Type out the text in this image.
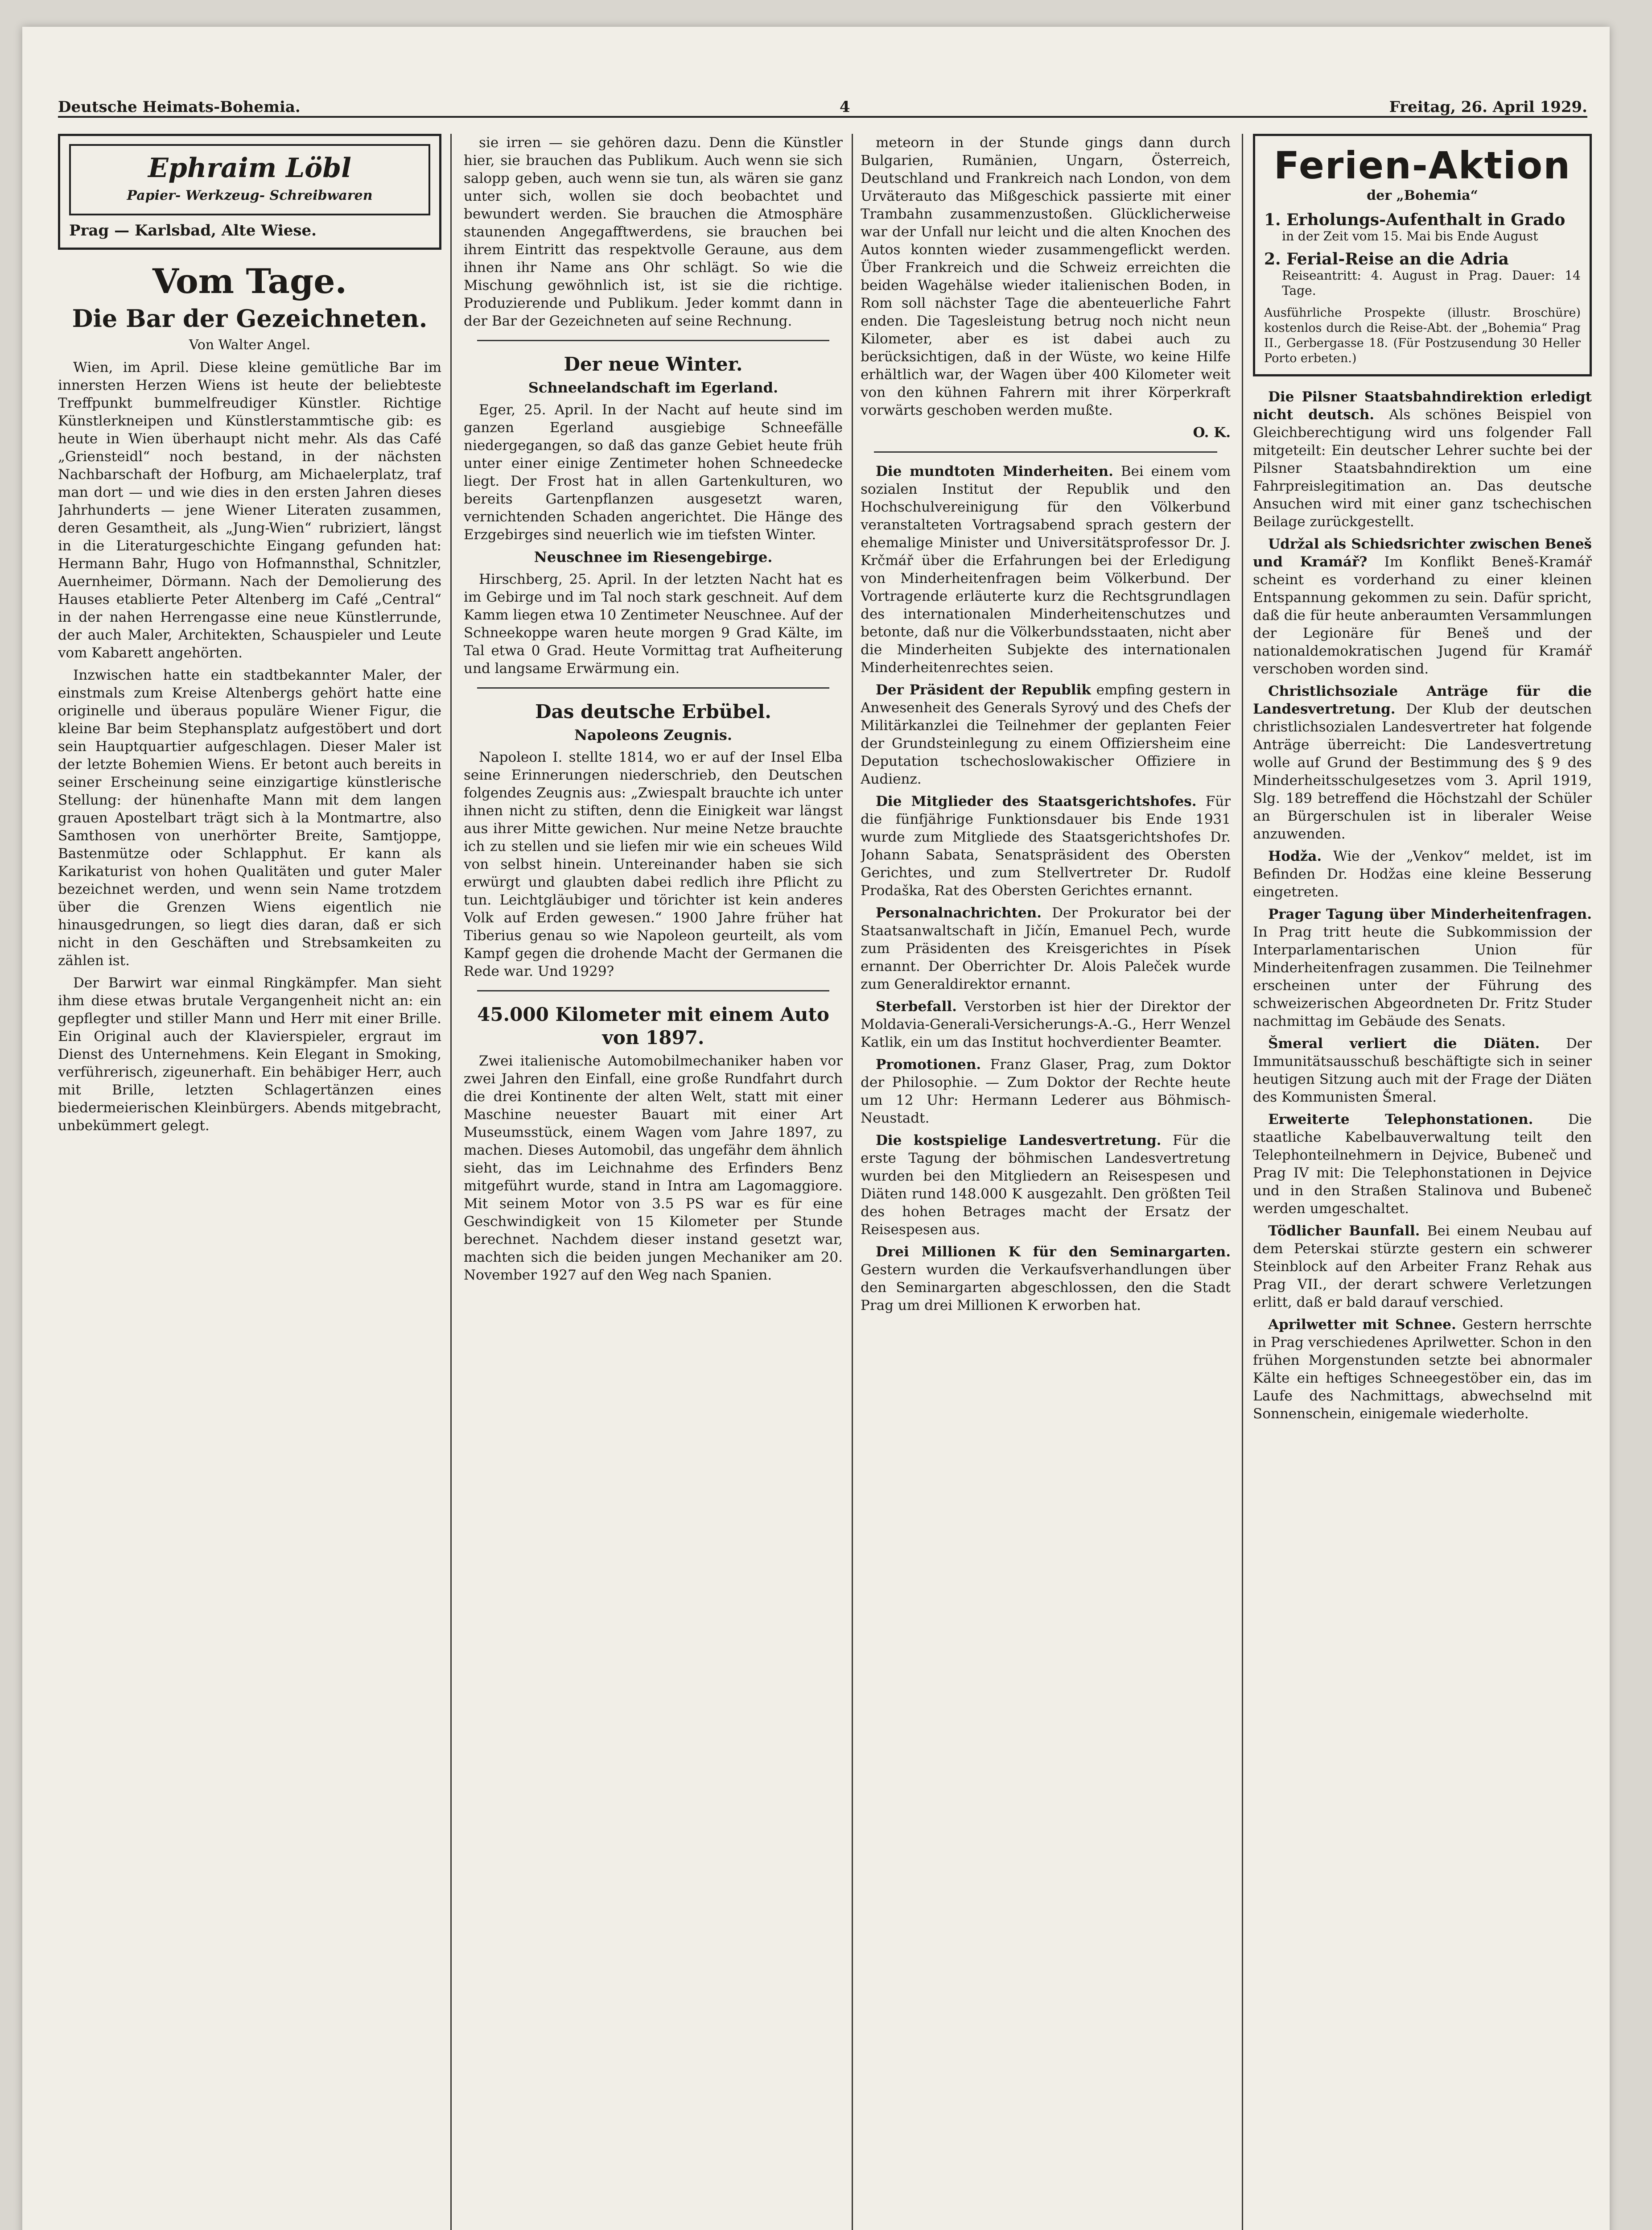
Deutsche Heimats-Bohemia.	4	Freitag, 26. April 1929.
Ephraim Löbl
Papier- Werkzeug- Schreibwaren
Prag — Karlsbad, Alte Wiese.
Vom Tage.
Die Bar der Gezeichneten.
Von Walter Angel.

Wien, im April. Diese kleine gemütliche Bar im innersten Herzen Wiens ist heute der beliebteste Treffpunkt bummelfreudiger Künstler. Richtige Künstlerkneipen und Künstlerstammtische gib: es heute in Wien überhaupt nicht mehr. Als das Café „Griensteidl“ noch bestand, in der nächsten Nachbarschaft der Hofburg, am Michaelerplatz, traf man dort — und wie dies in den ersten Jahren dieses Jahrhunderts — jene Wiener Literaten zusammen, deren Gesamtheit, als „Jung-Wien“ rubriziert, längst in die Literaturgeschichte Eingang gefunden hat: Hermann Bahr, Hugo von Hofmannsthal, Schnitzler, Auernheimer, Dörmann. Nach der Demolierung des Hauses etablierte Peter Altenberg im Café „Central“ in der nahen Herrengasse eine neue Künstlerrunde, der auch Maler, Architekten, Schauspieler und Leute vom Kabarett angehörten.

Inzwischen hatte ein stadtbekannter Maler, der einstmals zum Kreise Altenbergs gehört hatte eine originelle und überaus populäre Wiener Figur, die kleine Bar beim Stephansplatz aufgestöbert und dort sein Hauptquartier aufgeschlagen. Dieser Maler ist der letzte Bohemien Wiens. Er betont auch bereits in seiner Erscheinung seine einzigartige künstlerische Stellung: der hünenhafte Mann mit dem langen grauen Apostelbart trägt sich à la Montmartre, also Samthosen von unerhörter Breite, Samtjoppe, Bastenmütze oder Schlapphut. Er kann als Karikaturist von hohen Qualitäten und guter Maler bezeichnet werden, und wenn sein Name trotzdem über die Grenzen Wiens eigentlich nie hinausgedrungen, so liegt dies daran, daß er sich nicht in den Geschäften und Strebsamkeiten zu zählen ist.

Der Barwirt war einmal Ringkämpfer. Man sieht ihm diese etwas brutale Vergangenheit nicht an: ein gepflegter und stiller Mann und Herr mit einer Brille. Ein Original auch der Klavierspieler, ergraut im Dienst des Unternehmens. Kein Elegant in Smoking, verführerisch, zigeunerhaft. Ein behäbiger Herr, auch mit Brille, letzten Schlagertänzen eines biedermeierischen Kleinbürgers. Abends mitgebracht, unbekümmert gelegt.

sie irren — sie gehören dazu. Denn die Künstler hier, sie brauchen das Publikum. Auch wenn sie sich salopp geben, auch wenn sie tun, als wären sie ganz unter sich, wollen sie doch beobachtet und bewundert werden. Sie brauchen die Atmosphäre staunenden Angegafftwerdens, sie brauchen bei ihrem Eintritt das respektvolle Geraune, aus dem ihnen ihr Name ans Ohr schlägt. So wie die Mischung gewöhnlich ist, ist sie die richtige. Produzierende und Publikum. Jeder kommt dann in der Bar der Gezeichneten auf seine Rechnung.

Der neue Winter.
Schneelandschaft im Egerland.

Eger, 25. April. In der Nacht auf heute sind im ganzen Egerland ausgiebige Schneefälle niedergegangen, so daß das ganze Gebiet heute früh unter einer einige Zentimeter hohen Schneedecke liegt. Der Frost hat in allen Gartenkulturen, wo bereits Gartenpflanzen ausgesetzt waren, vernichtenden Schaden angerichtet. Die Hänge des Erzgebirges sind neuerlich wie im tiefsten Winter.

Neuschnee im Riesengebirge.

Hirschberg, 25. April. In der letzten Nacht hat es im Gebirge und im Tal noch stark geschneit. Auf dem Kamm liegen etwa 10 Zentimeter Neuschnee. Auf der Schneekoppe waren heute morgen 9 Grad Kälte, im Tal etwa 0 Grad. Heute Vormittag trat Aufheiterung und langsame Erwärmung ein.

Das deutsche Erbübel.
Napoleons Zeugnis.

Napoleon I. stellte 1814, wo er auf der Insel Elba seine Erinnerungen niederschrieb, den Deutschen folgendes Zeugnis aus: „Zwiespalt brauchte ich unter ihnen nicht zu stiften, denn die Einigkeit war längst aus ihrer Mitte gewichen. Nur meine Netze brauchte ich zu stellen und sie liefen mir wie ein scheues Wild von selbst hinein. Untereinander haben sie sich erwürgt und glaubten dabei redlich ihre Pflicht zu tun. Leichtgläubiger und törichter ist kein anderes Volk auf Erden gewesen.“ 1900 Jahre früher hat Tiberius genau so wie Napoleon geurteilt, als vom Kampf gegen die drohende Macht der Germanen die Rede war. Und 1929?

45.000 Kilometer mit einem Auto von 1897.

Zwei italienische Automobilmechaniker haben vor zwei Jahren den Einfall, eine große Rundfahrt durch die drei Kontinente der alten Welt, statt mit einer Maschine neuester Bauart mit einer Art Museumsstück, einem Wagen vom Jahre 1897, zu machen. Dieses Automobil, das ungefähr dem ähnlich sieht, das im Leichnahme des Erfinders Benz mitgeführt wurde, stand in Intra am Lagomaggiore. Mit seinem Motor von 3.5 PS war es für eine Geschwindigkeit von 15 Kilometer per Stunde berechnet. Nachdem dieser instand gesetzt war, machten sich die beiden jungen Mechaniker am 20. November 1927 auf den Weg nach Spanien.

meteorn in der Stunde gings dann durch Bulgarien, Rumänien, Ungarn, Österreich, Deutschland und Frankreich nach London, von dem Urväterauto das Mißgeschick passierte mit einer Trambahn zusammenzustoßen. Glücklicherweise war der Unfall nur leicht und die alten Knochen des Autos konnten wieder zusammengeflickt werden. Über Frankreich und die Schweiz erreichten die beiden Wagehälse wieder italienischen Boden, in Rom soll nächster Tage die abenteuerliche Fahrt enden. Die Tagesleistung betrug noch nicht neun Kilometer, aber es ist dabei auch zu berücksichtigen, daß in der Wüste, wo keine Hilfe erhältlich war, der Wagen über 400 Kilometer weit von den kühnen Fahrern mit ihrer Körperkraft vorwärts geschoben werden mußte.

O. K.

Die mundtoten Minderheiten. Bei einem vom sozialen Institut der Republik und den Hochschulvereinigung für den Völkerbund veranstalteten Vortragsabend sprach gestern der ehemalige Minister und Universitätsprofessor Dr. J. Krčmář über die Erfahrungen bei der Erledigung von Minderheitenfragen beim Völkerbund. Der Vortragende erläuterte kurz die Rechtsgrundlagen des internationalen Minderheitenschutzes und betonte, daß nur die Völkerbundsstaaten, nicht aber die Minderheiten Subjekte des internationalen Minderheitenrechtes seien.

Der Präsident der Republik empfing gestern in Anwesenheit des Generals Syrový und des Chefs der Militärkanzlei die Teilnehmer der geplanten Feier der Grundsteinlegung zu einem Offiziersheim eine Deputation tschechoslowakischer Offiziere in Audienz.

Die Mitglieder des Staatsgerichtshofes. Für die fünfjährige Funktionsdauer bis Ende 1931 wurde zum Mitgliede des Staatsgerichtshofes Dr. Johann Sabata, Senatspräsident des Obersten Gerichtes, und zum Stellvertreter Dr. Rudolf Prodaška, Rat des Obersten Gerichtes ernannt.

Personalnachrichten. Der Prokurator bei der Staatsanwaltschaft in Jičín, Emanuel Pech, wurde zum Präsidenten des Kreisgerichtes in Písek ernannt. Der Oberrichter Dr. Alois Paleček wurde zum Generaldirektor ernannt.

Sterbefall. Verstorben ist hier der Direktor der Moldavia-Generali-Versicherungs-A.-G., Herr Wenzel Katlik, ein um das Institut hochverdienter Beamter.

Promotionen. Franz Glaser, Prag, zum Doktor der Philosophie. — Zum Doktor der Rechte heute um 12 Uhr: Hermann Lederer aus Böhmisch-Neustadt.

Die kostspielige Landesvertretung. Für die erste Tagung der böhmischen Landesvertretung wurden bei den Mitgliedern an Reisespesen und Diäten rund 148.000 K ausgezahlt. Den größten Teil des hohen Betrages macht der Ersatz der Reisespesen aus.

Drei Millionen K für den Seminargarten. Gestern wurden die Verkaufsverhandlungen über den Seminargarten abgeschlossen, den die Stadt Prag um drei Millionen K erworben hat.

Ferien-Aktion
der „Bohemia“
1. Erholungs-Aufenthalt in Grado
in der Zeit vom 15. Mai bis Ende August
2. Ferial-Reise an die Adria
Reiseantritt: 4. August in Prag. Dauer: 14 Tage.
Ausführliche Prospekte (illustr. Broschüre) kostenlos durch die Reise-Abt. der „Bohemia“ Prag II., Gerbergasse 18. (Für Postzusendung 30 Heller Porto erbeten.)

Die Pilsner Staatsbahndirektion erledigt nicht deutsch. Als schönes Beispiel von Gleichberechtigung wird uns folgender Fall mitgeteilt: Ein deutscher Lehrer suchte bei der Pilsner Staatsbahndirektion um eine Fahrpreislegitimation an. Das deutsche Ansuchen wird mit einer ganz tschechischen Beilage zurückgestellt.

Udržal als Schiedsrichter zwischen Beneš und Kramář? Im Konflikt Beneš-Kramář scheint es vorderhand zu einer kleinen Entspannung gekommen zu sein. Dafür spricht, daß die für heute anberaumten Versammlungen der Legionäre für Beneš und der nationaldemokratischen Jugend für Kramář verschoben worden sind.

Christlichsoziale Anträge für die Landesvertretung. Der Klub der deutschen christlichsozialen Landesvertreter hat folgende Anträge überreicht: Die Landesvertretung wolle auf Grund der Bestimmung des § 9 des Minderheitsschulgesetzes vom 3. April 1919, Slg. 189 betreffend die Höchstzahl der Schüler an Bürgerschulen ist in liberaler Weise anzuwenden.

Hodža. Wie der „Venkov“ meldet, ist im Befinden Dr. Hodžas eine kleine Besserung eingetreten.

Prager Tagung über Minderheitenfragen. In Prag tritt heute die Subkommission der Interparlamentarischen Union für Minderheitenfragen zusammen. Die Teilnehmer erscheinen unter der Führung des schweizerischen Abgeordneten Dr. Fritz Studer nachmittag im Gebäude des Senats.

Šmeral verliert die Diäten. Der Immunitätsausschuß beschäftigte sich in seiner heutigen Sitzung auch mit der Frage der Diäten des Kommunisten Šmeral.

Erweiterte Telephonstationen.	Die staatliche Kabelbauverwaltung teilt den Telephonteilnehmern in Dejvice, Bubeneč und Prag IV mit: Die Telephonstationen in Dejvice und in den Straßen Stalinova und Bubeneč werden umgeschaltet.

Tödlicher Baunfall. Bei einem Neubau auf dem Peterskai stürzte gestern ein schwerer Steinblock auf den Arbeiter Franz Rehak aus Prag VII., der derart schwere Verletzungen erlitt, daß er bald darauf verschied.

Aprilwetter mit Schnee. Gestern herrschte in Prag verschiedenes Aprilwetter. Schon in den frühen Morgenstunden setzte bei abnormaler Kälte ein heftiges Schneegestöber ein, das im Laufe des Nachmittags, abwechselnd mit Sonnenschein, einigemale wiederholte.
